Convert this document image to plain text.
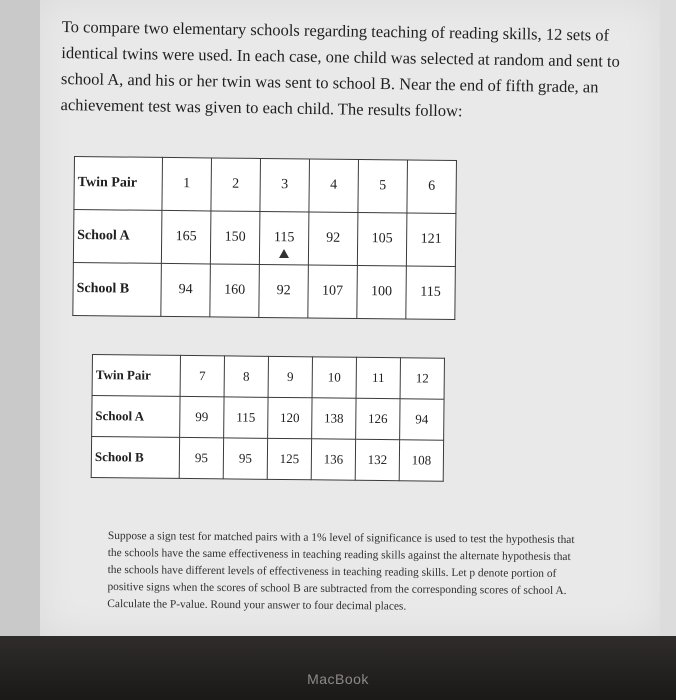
To compare two elementary schools regarding teaching of reading skills, 12 sets of identical twins were used. In each case, one child was selected at random and sent to school A, and his or her twin was sent to school B. Near the end of fifth grade, an achievement test was given to each child. The results follow:

Twin Pair	1	2	3	4	5	6
School A	165	150	115	92	105	121
School B	94	160	92	107	100	115
Twin Pair	7	8	9	10	11	12
School A	99	115	120	138	126	94
School B	95	95	125	136	132	108

Suppose a sign test for matched pairs with a 1% level of significance is used to test the hypothesis that the schools have the same effectiveness in teaching reading skills against the alternate hypothesis that the schools have different levels of effectiveness in teaching reading skills. Let p denote portion of positive signs when the scores of school B are subtracted from the corresponding scores of school A. Calculate the P-value. Round your answer to four decimal places.

MacBook
